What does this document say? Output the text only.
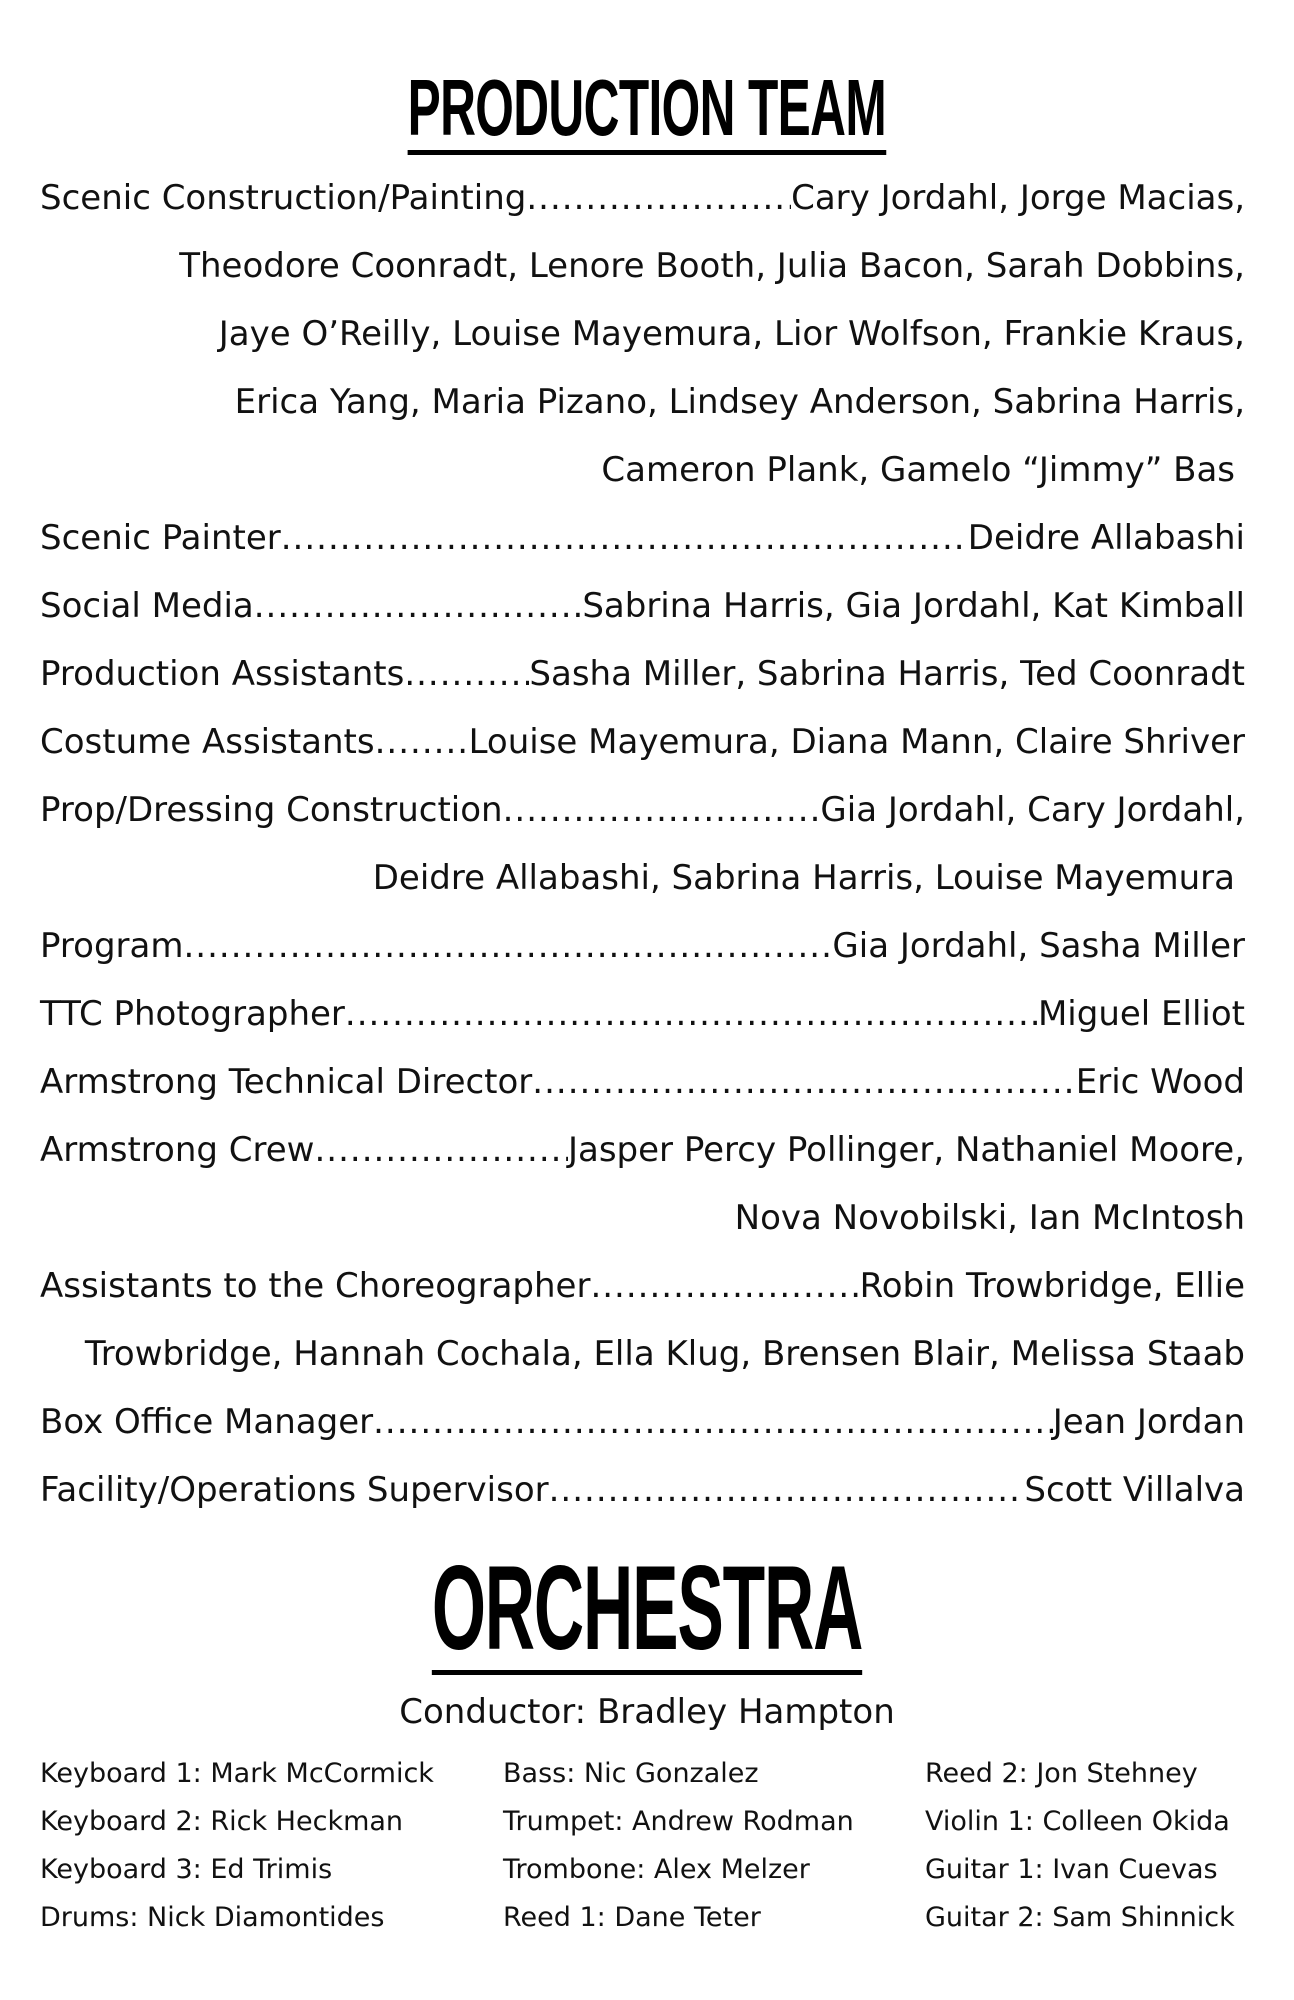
PRODUCTION TEAM
Scenic Construction/Painting .....	Cary Jordahl, Jorge Macias,
Theodore Coonradt, Lenore Booth, Julia Bacon, Sarah Dobbins,
Jaye O’Reilly, Louise Mayemura, Lior Wolfson, Frankie Kraus,
Erica Yang, Maria Pizano, Lindsey Anderson, Sabrina Harris,
Cameron Plank, Gamelo “Jimmy” Bas
Scenic Painter .....	Deidre Allabashi
Social Media .....	Sabrina Harris, Gia Jordahl, Kat Kimball
Production Assistants .....	Sasha Miller, Sabrina Harris, Ted Coonradt
Costume Assistants .....	Louise Mayemura, Diana Mann, Claire Shriver
Prop/Dressing Construction .....	Gia Jordahl, Cary Jordahl,
Deidre Allabashi, Sabrina Harris, Louise Mayemura
Program .....	Gia Jordahl, Sasha Miller
TTC Photographer .....	Miguel Elliot
Armstrong Technical Director .....	Eric Wood
Armstrong Crew .....	Jasper Percy Pollinger, Nathaniel Moore,
Nova Novobilski, Ian McIntosh
Assistants to the Choreographer .....	Robin Trowbridge, Ellie
Trowbridge, Hannah Cochala, Ella Klug, Brensen Blair, Melissa Staab
Box Office Manager .....	Jean Jordan
Facility/Operations Supervisor .....	Scott Villalva
ORCHESTRA
Conductor: Bradley Hampton
Keyboard 1: Mark McCormick
Keyboard 2: Rick Heckman
Keyboard 3: Ed Trimis
Drums: Nick Diamontides
Bass: Nic Gonzalez
Trumpet: Andrew Rodman
Trombone: Alex Melzer
Reed 1: Dane Teter
Reed 2: Jon Stehney
Violin 1: Colleen Okida
Guitar 1: Ivan Cuevas
Guitar 2: Sam Shinnick
